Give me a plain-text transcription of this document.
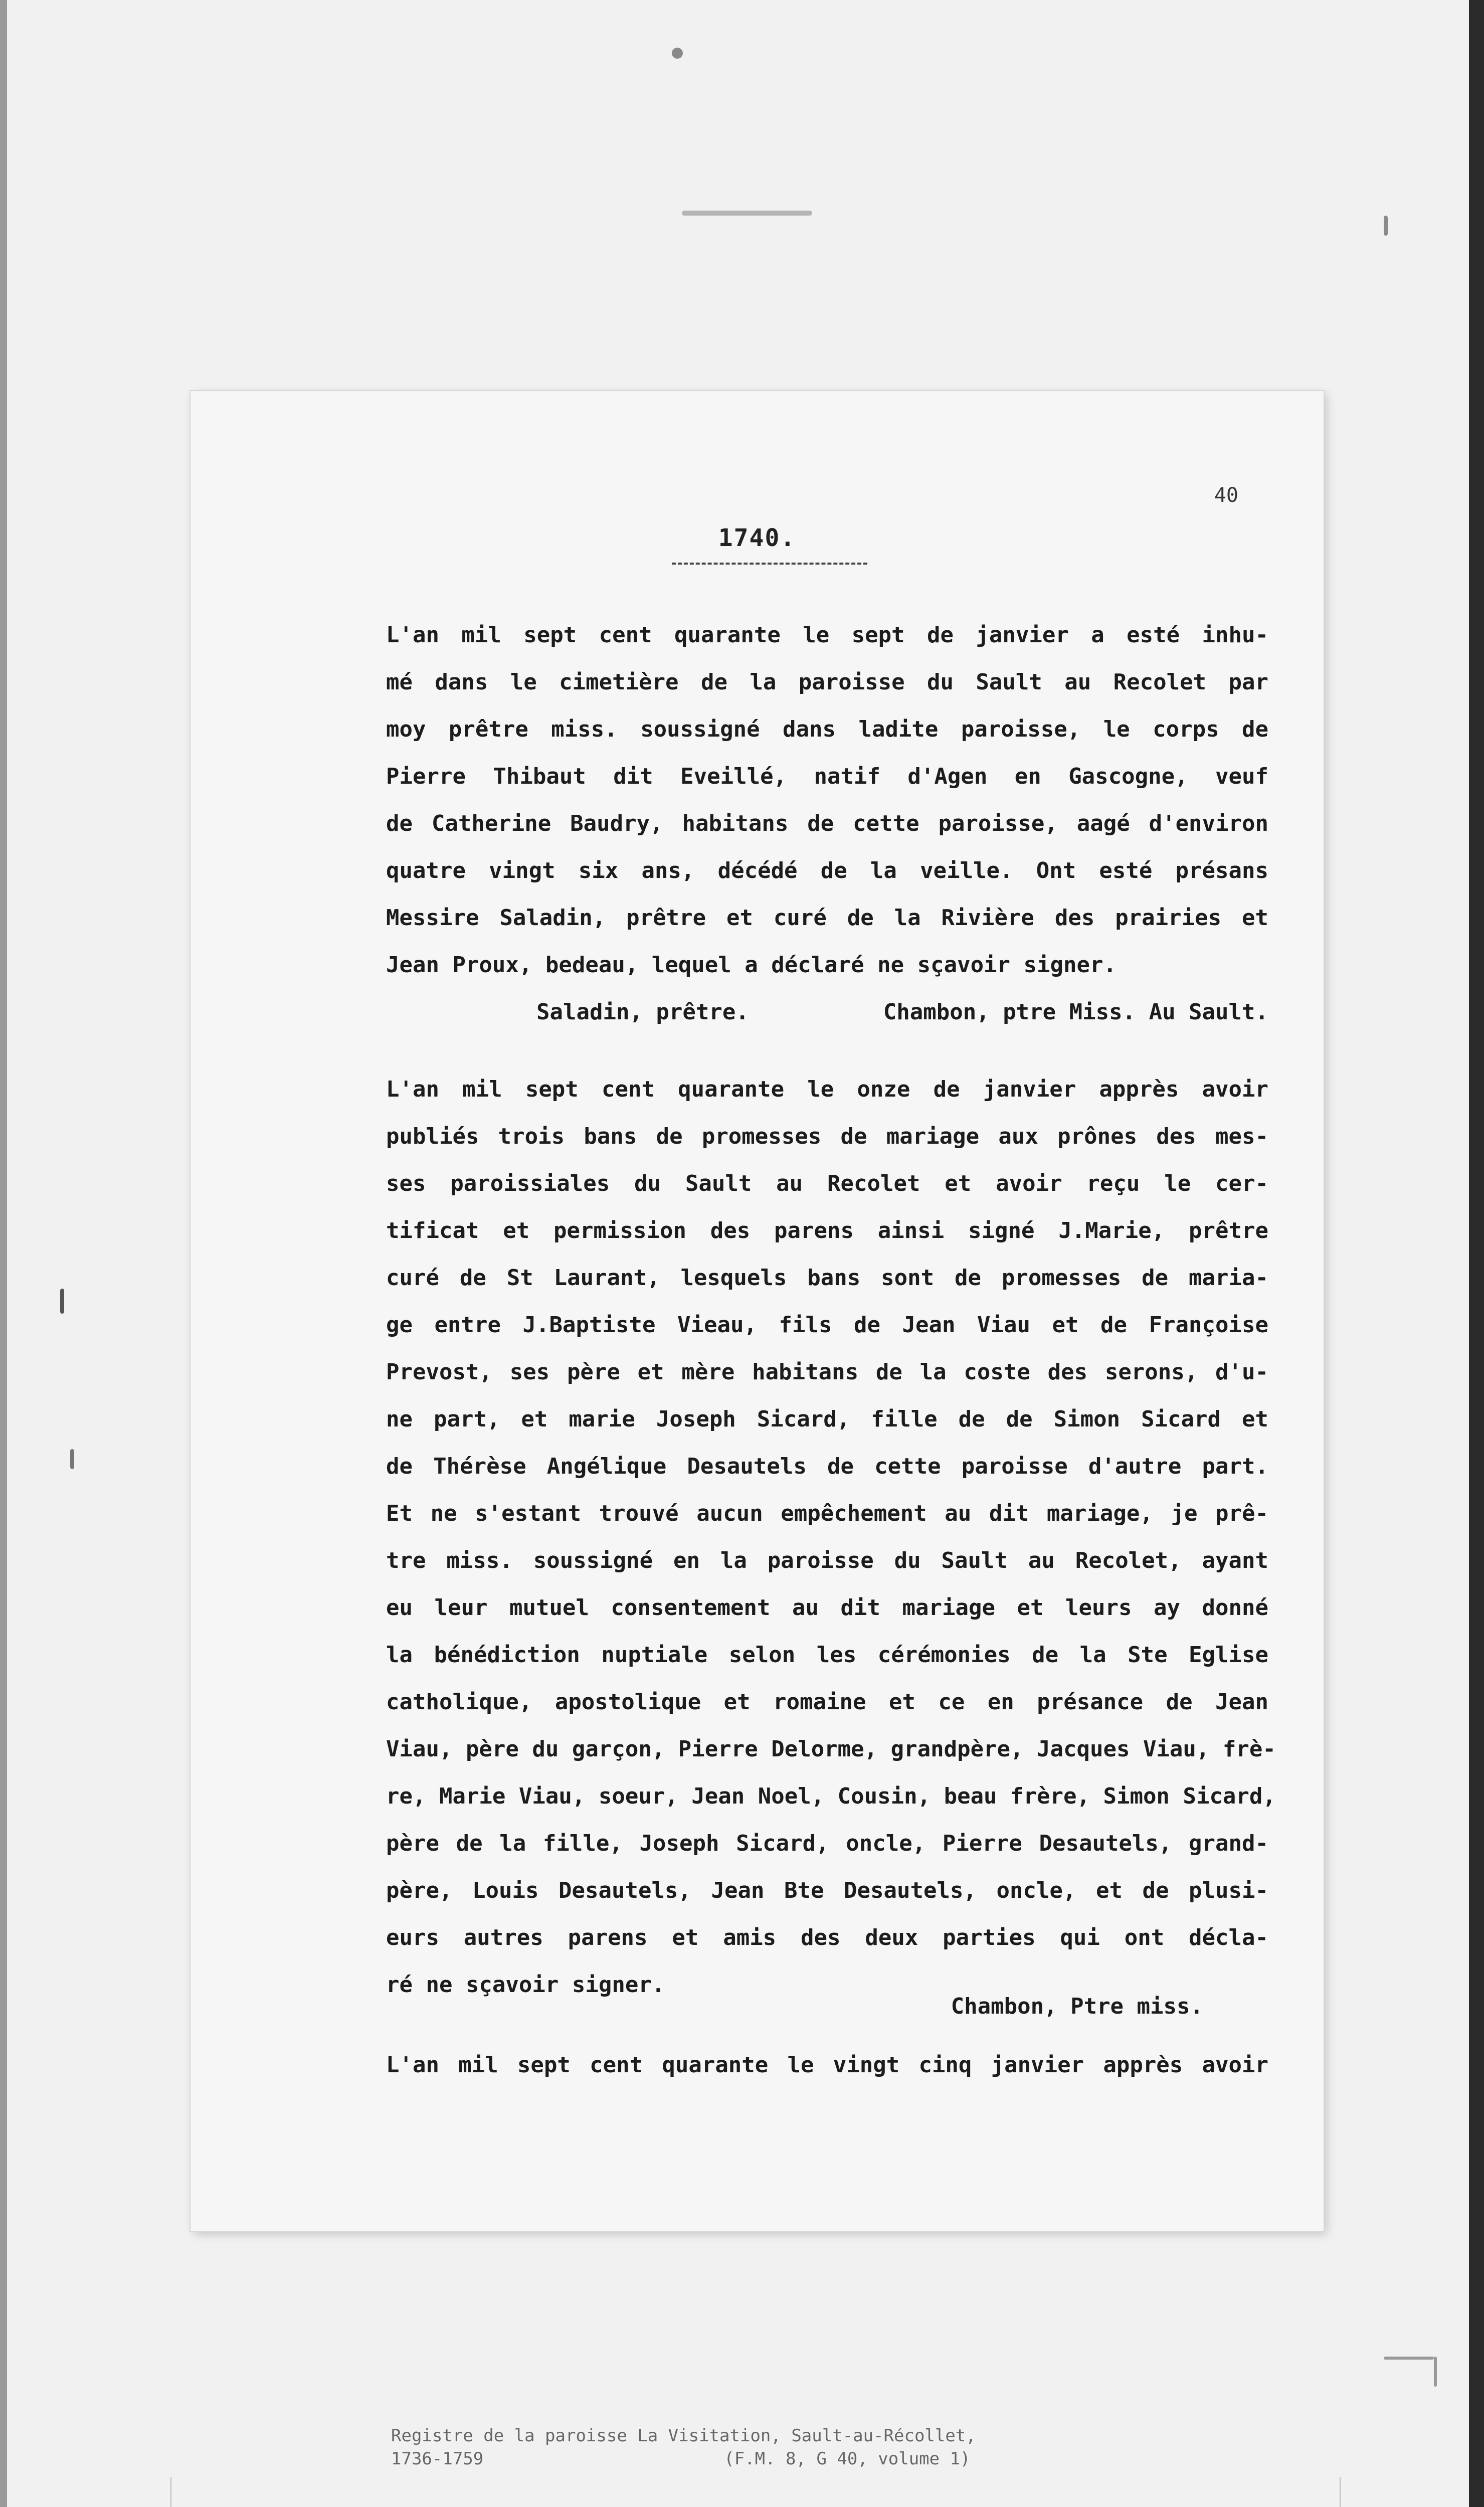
40
1740.
L'an mil sept cent quarante le sept de janvier a esté inhu-
mé dans le cimetière de la paroisse du Sault au Recolet par
moy prêtre miss. soussigné dans ladite paroisse, le corps de
Pierre Thibaut dit Eveillé, natif d'Agen en Gascogne, veuf
de Catherine Baudry, habitans de cette paroisse, aagé d'environ
quatre vingt six ans, décédé de la veille. Ont esté présans
Messire Saladin, prêtre et curé de la Rivière des prairies et
Jean Proux, bedeau, lequel a déclaré ne sçavoir signer.
Saladin, prêtre.	Chambon, ptre Miss. Au Sault.
L'an mil sept cent quarante le onze de janvier apprès avoir
publiés trois bans de promesses de mariage aux prônes des mes-
ses paroissiales du Sault au Recolet et avoir reçu le cer-
tificat et permission des parens ainsi signé J.Marie, prêtre
curé de St Laurant, lesquels bans sont de promesses de maria-
ge entre J.Baptiste Vieau, fils de Jean Viau et de Françoise
Prevost, ses père et mère habitans de la coste des serons, d'u-
ne part, et marie Joseph Sicard, fille de de Simon Sicard et
de Thérèse Angélique Desautels de cette paroisse d'autre part.
Et ne s'estant trouvé aucun empêchement au dit mariage, je prê-
tre miss. soussigné en la paroisse du Sault au Recolet, ayant
eu leur mutuel consentement au dit mariage et leurs ay donné
la bénédiction nuptiale selon les cérémonies de la Ste Eglise
catholique, apostolique et romaine et ce en présance de Jean
Viau, père du garçon, Pierre Delorme, grandpère, Jacques Viau, frè-
re, Marie Viau, soeur, Jean Noel, Cousin, beau frère, Simon Sicard,
père de la fille, Joseph Sicard, oncle, Pierre Desautels, grand-
père, Louis Desautels, Jean Bte Desautels, oncle, et de plusi-
eurs autres parens et amis des deux parties qui ont décla-
ré ne sçavoir signer.
Chambon, Ptre miss.
L'an mil sept cent quarante le vingt cinq janvier apprès avoir
Registre de la paroisse La Visitation, Sault-au-Récollet,
1736-1759	(F.M. 8, G 40, volume 1)
